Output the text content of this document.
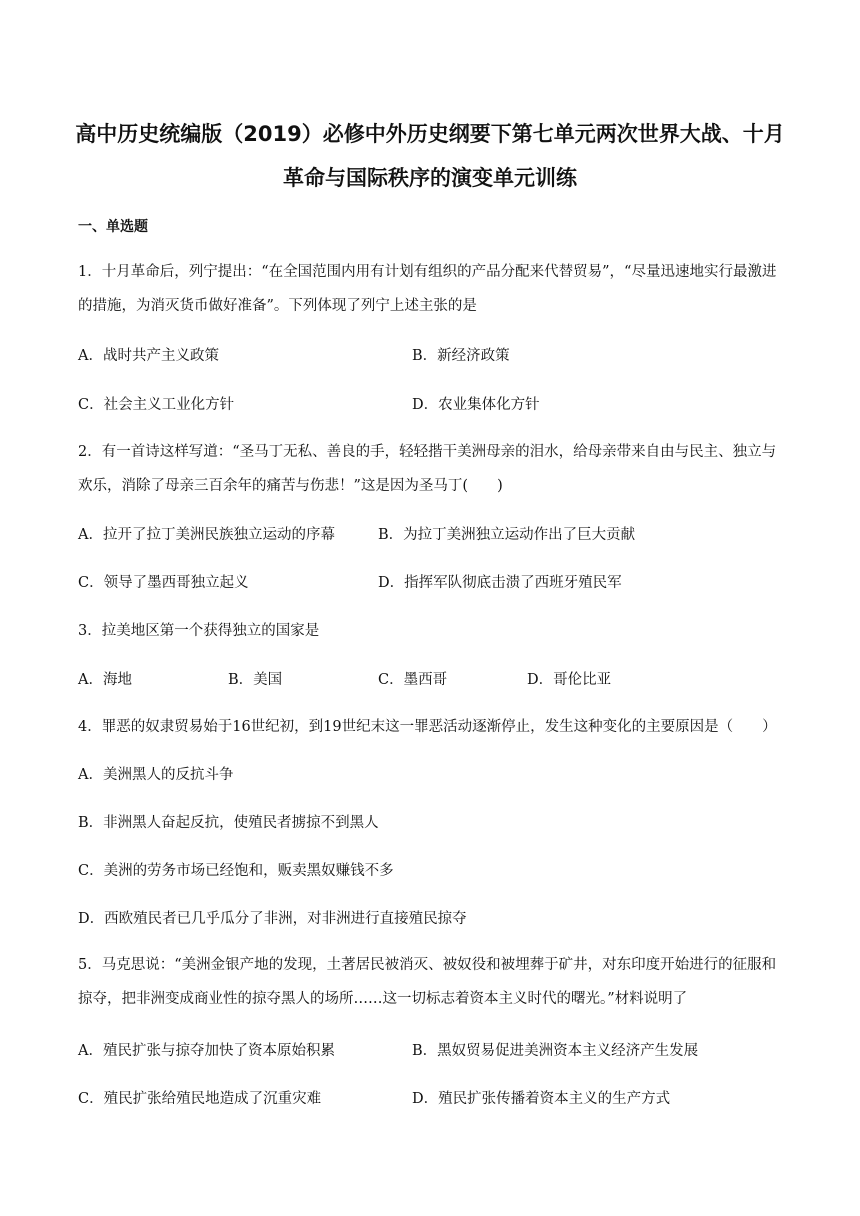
高中历史统编版（2019）必修中外历史纲要下第七单元两次世界大战、十月革命与国际秩序的演变单元训练
一、单选题
1．十月革命后，列宁提出：“在全国范围内用有计划有组织的产品分配来代替贸易”，“尽量迅速地实行最激进的措施，为消灭货币做好准备”。下列体现了列宁上述主张的是
A．战时共产主义政策	B．新经济政策
C．社会主义工业化方针	D．农业集体化方针
2．有一首诗这样写道：“圣马丁无私、善良的手，轻轻揩干美洲母亲的泪水，给母亲带来自由与民主、独立与欢乐，消除了母亲三百余年的痛苦与伤悲！”这是因为圣马丁(　　)
A．拉开了拉丁美洲民族独立运动的序幕	B．为拉丁美洲独立运动作出了巨大贡献
C．领导了墨西哥独立起义	D．指挥军队彻底击溃了西班牙殖民军
3．拉美地区第一个获得独立的国家是
A．海地	B．美国	C．墨西哥	D．哥伦比亚
4．罪恶的奴隶贸易始于16世纪初，到19世纪末这一罪恶活动逐渐停止，发生这种变化的主要原因是（　　）
A．美洲黑人的反抗斗争
B．非洲黑人奋起反抗，使殖民者掳掠不到黑人
C．美洲的劳务市场已经饱和，贩卖黑奴赚钱不多
D．西欧殖民者已几乎瓜分了非洲，对非洲进行直接殖民掠夺
5．马克思说：“美洲金银产地的发现，土著居民被消灭、被奴役和被埋葬于矿井，对东印度开始进行的征服和掠夺，把非洲变成商业性的掠夺黑人的场所……这一切标志着资本主义时代的曙光。”材料说明了
A．殖民扩张与掠夺加快了资本原始积累	B．黑奴贸易促进美洲资本主义经济产生发展
C．殖民扩张给殖民地造成了沉重灾难	D．殖民扩张传播着资本主义的生产方式
